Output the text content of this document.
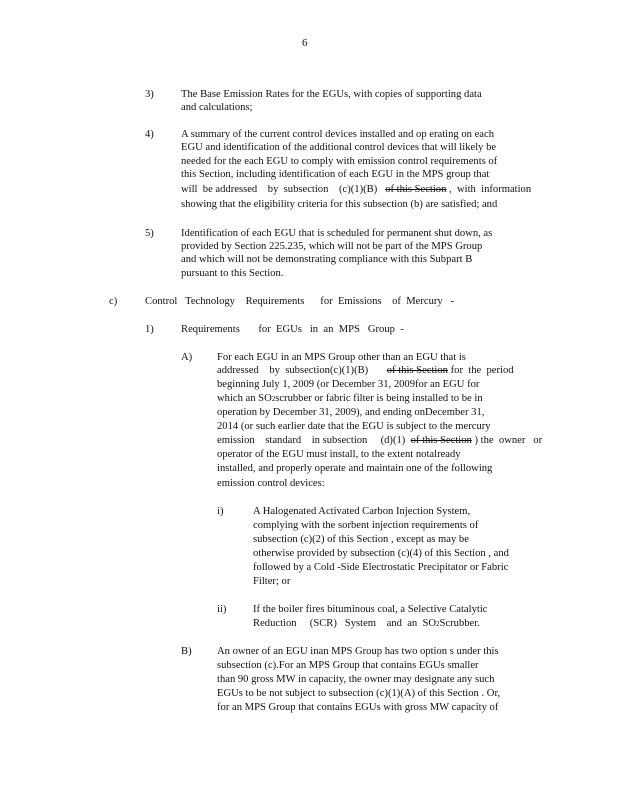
6
3)	The Base Emission Rates for the EGUs, with copies of supporting data
and calculations;
4)	A summary of the current control devices installed and op erating on each
EGU and identification of the additional control devices that will likely be
needed for the each EGU to comply with emission control requirements of
this Section, including identification of each EGU in the MPS group that
will  be addressed    by  subsection    (c)(1)(B)   of this Section ,  with  information
showing that the eligibility criteria for this subsection (b) are satisfied; and
5)	Identification of each EGU that is scheduled for permanent shut down, as
provided by Section 225.235, which will not be part of the MPS Group
and which will not be demonstrating compliance with this Subpart B
pursuant to this Section.
c)	Control   Technology    Requirements      for  Emissions    of  Mercury   -
1)	Requirements       for  EGUs   in  an  MPS   Group  -
A) For each EGU in an MPS Group other than an EGU that is
addressed    by  subsection(c)(1)(B)       of this Section for  the  period
beginning July 1, 2009 (or December 31, 2009for an EGU for
which an SO2scrubber or fabric filter is being installed to be in
operation by December 31, 2009), and ending onDecember 31,
2014 (or such earlier date that the EGU is subject to the mercury
emission    standard    in subsection     (d)(1)  of this Section ) the  owner   or
operator of the EGU must install, to the extent notalready
installed, and properly operate and maintain one of the following
emission control devices:
i)	A Halogenated Activated Carbon Injection System,
complying with the sorbent injection requirements of
subsection (c)(2) of this Section , except as may be
otherwise provided by subsection (c)(4) of this Section , and
followed by a Cold -Side Electrostatic Precipitator or Fabric
Filter; or
ii)	If the boiler fires bituminous coal, a Selective Catalytic
Reduction     (SCR)   System    and  an  SO2Scrubber.
B) An owner of an EGU inan MPS Group has two option s under this
subsection (c).For an MPS Group that contains EGUs smaller
than 90 gross MW in capacity, the owner may designate any such
EGUs to be not subject to subsection (c)(1)(A) of this Section . Or,
for an MPS Group that contains EGUs with gross MW capacity of
